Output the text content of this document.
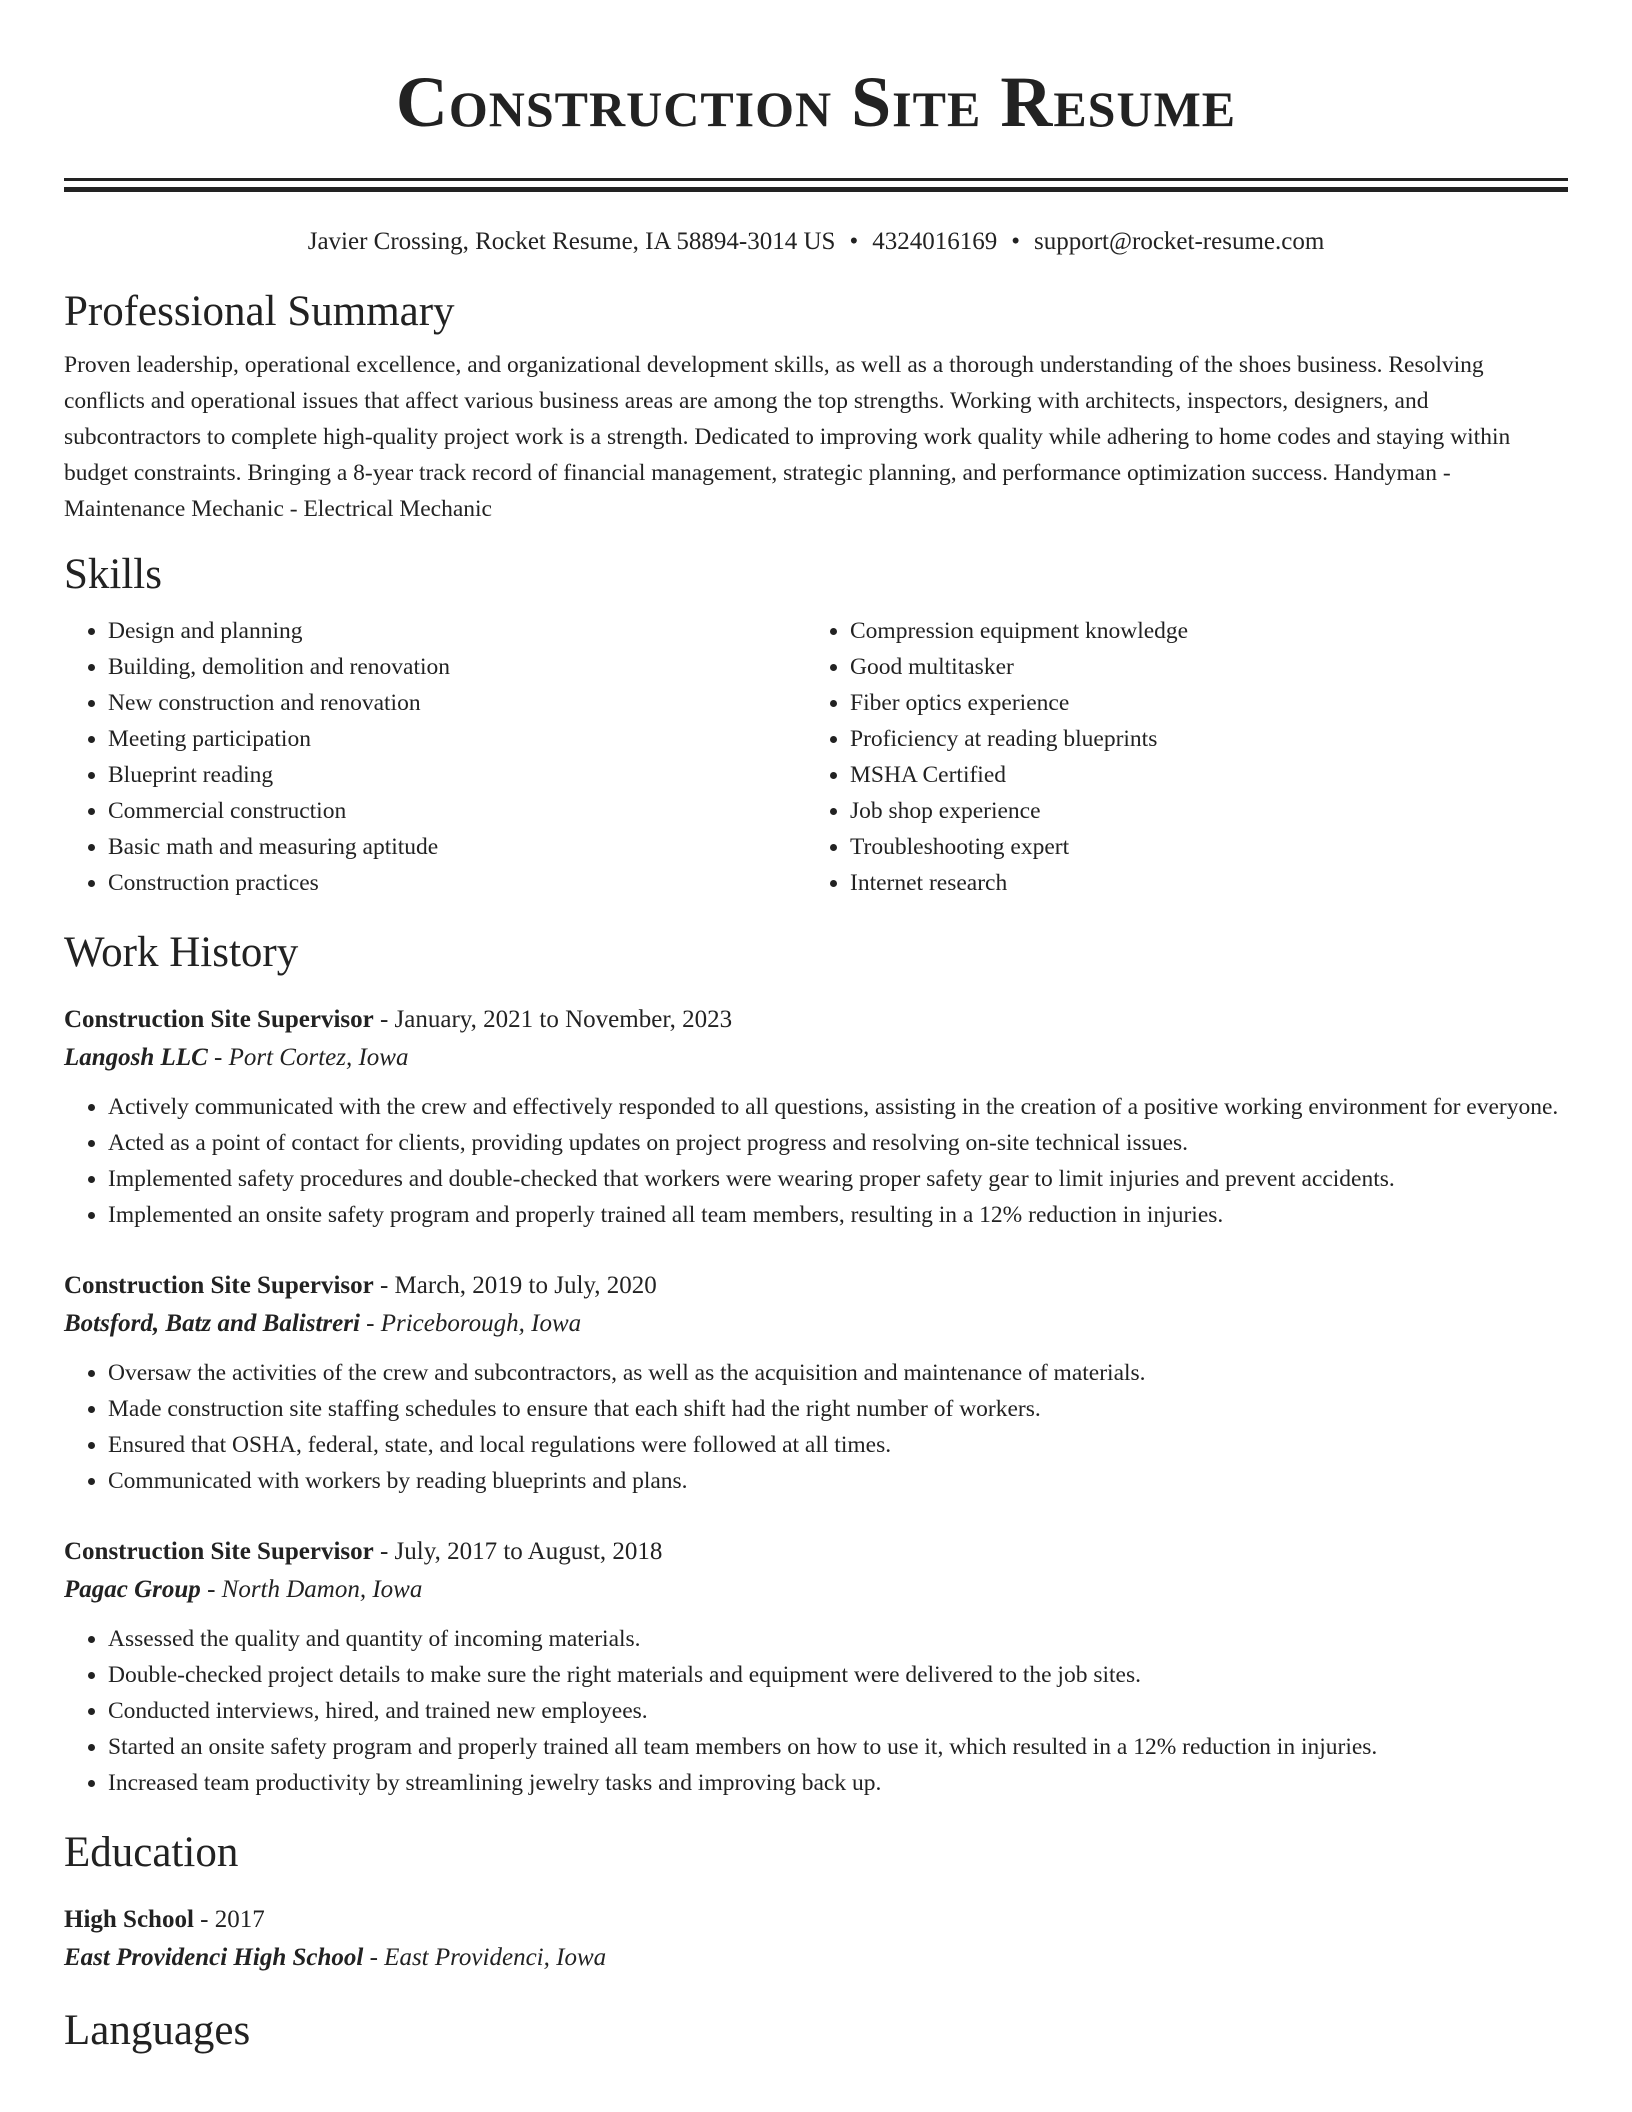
Construction Site Resume
Javier Crossing, Rocket Resume, IA 58894-3014 US • 4324016169 • support@rocket-resume.com
Professional Summary
Proven leadership, operational excellence, and organizational development skills, as well as a thorough understanding of the shoes business. Resolving conflicts and operational issues that affect various business areas are among the top strengths. Working with architects, inspectors, designers, and subcontractors to complete high-quality project work is a strength. Dedicated to improving work quality while adhering to home codes and staying within budget constraints. Bringing a 8-year track record of financial management, strategic planning, and performance optimization success. Handyman - Maintenance Mechanic - Electrical Mechanic
Skills
• Design and planning
• Building, demolition and renovation
• New construction and renovation
• Meeting participation
• Blueprint reading
• Commercial construction
• Basic math and measuring aptitude
• Construction practices
• Compression equipment knowledge
• Good multitasker
• Fiber optics experience
• Proficiency at reading blueprints
• MSHA Certified
• Job shop experience
• Troubleshooting expert
• Internet research
Work History
Construction Site Supervisor - January, 2021 to November, 2023
Langosh LLC - Port Cortez, Iowa
• Actively communicated with the crew and effectively responded to all questions, assisting in the creation of a positive working environment for everyone.
• Acted as a point of contact for clients, providing updates on project progress and resolving on-site technical issues.
• Implemented safety procedures and double-checked that workers were wearing proper safety gear to limit injuries and prevent accidents.
• Implemented an onsite safety program and properly trained all team members, resulting in a 12% reduction in injuries.
Construction Site Supervisor - March, 2019 to July, 2020
Botsford, Batz and Balistreri - Priceborough, Iowa
• Oversaw the activities of the crew and subcontractors, as well as the acquisition and maintenance of materials.
• Made construction site staffing schedules to ensure that each shift had the right number of workers.
• Ensured that OSHA, federal, state, and local regulations were followed at all times.
• Communicated with workers by reading blueprints and plans.
Construction Site Supervisor - July, 2017 to August, 2018
Pagac Group - North Damon, Iowa
• Assessed the quality and quantity of incoming materials.
• Double-checked project details to make sure the right materials and equipment were delivered to the job sites.
• Conducted interviews, hired, and trained new employees.
• Started an onsite safety program and properly trained all team members on how to use it, which resulted in a 12% reduction in injuries.
• Increased team productivity by streamlining jewelry tasks and improving back up.
Education
High School - 2017
East Providenci High School - East Providenci, Iowa
Languages
